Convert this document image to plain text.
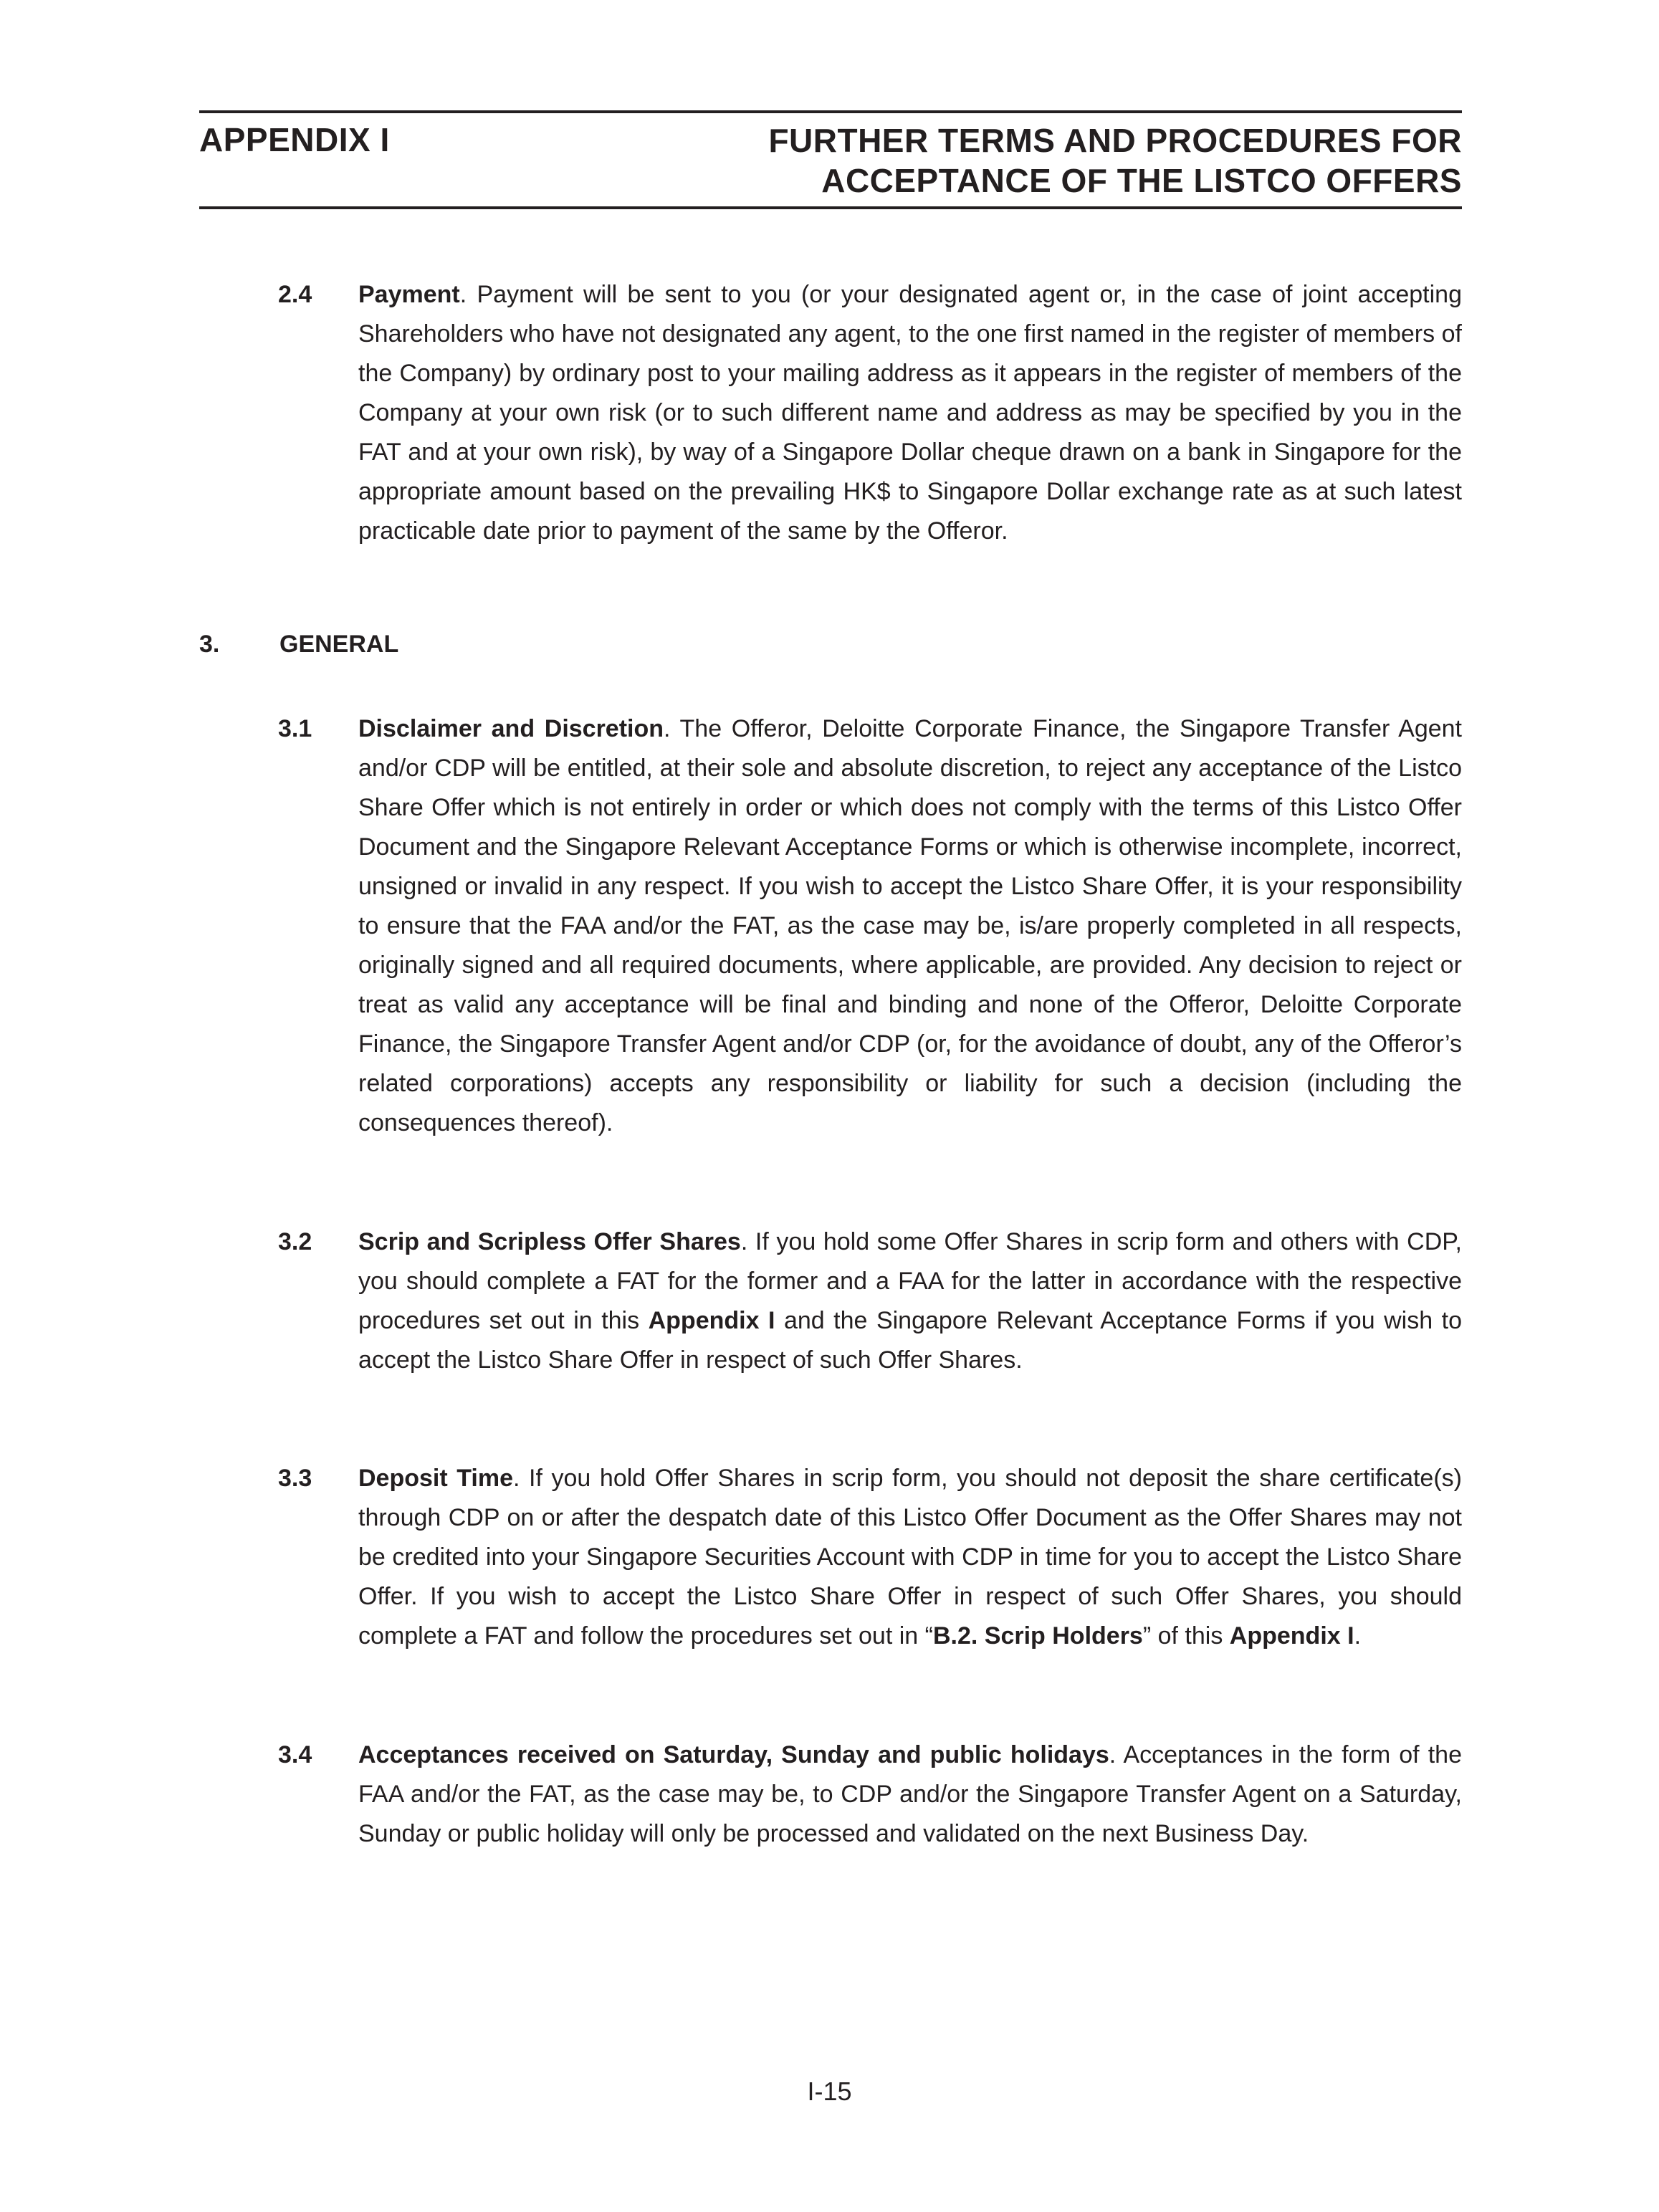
APPENDIX I	FURTHER TERMS AND PROCEDURES FOR
ACCEPTANCE OF THE LISTCO OFFERS
2.4 Payment. Payment will be sent to you (or your designated agent or, in the case of joint accepting Shareholders who have not designated any agent, to the one first named in the register of members of the Company) by ordinary post to your mailing address as it appears in the register of members of the Company at your own risk (or to such different name and address as may be specified by you in the FAT and at your own risk), by way of a Singapore Dollar cheque drawn on a bank in Singapore for the appropriate amount based on the prevailing HK$ to Singapore Dollar exchange rate as at such latest practicable date prior to payment of the same by the Offeror.
3. GENERAL
3.1 Disclaimer and Discretion. The Offeror, Deloitte Corporate Finance, the Singapore Transfer Agent and/or CDP will be entitled, at their sole and absolute discretion, to reject any acceptance of the Listco Share Offer which is not entirely in order or which does not comply with the terms of this Listco Offer Document and the Singapore Relevant Acceptance Forms or which is otherwise incomplete, incorrect, unsigned or invalid in any respect. If you wish to accept the Listco Share Offer, it is your responsibility to ensure that the FAA and/or the FAT, as the case may be, is/are properly completed in all respects, originally signed and all required documents, where applicable, are provided. Any decision to reject or treat as valid any acceptance will be final and binding and none of the Offeror, Deloitte Corporate Finance, the Singapore Transfer Agent and/or CDP (or, for the avoidance of doubt, any of the Offeror’s related corporations) accepts any responsibility or liability for such a decision (including the consequences thereof).
3.2 Scrip and Scripless Offer Shares. If you hold some Offer Shares in scrip form and others with CDP, you should complete a FAT for the former and a FAA for the latter in accordance with the respective procedures set out in this Appendix I and the Singapore Relevant Acceptance Forms if you wish to accept the Listco Share Offer in respect of such Offer Shares.
3.3 Deposit Time. If you hold Offer Shares in scrip form, you should not deposit the share certificate(s) through CDP on or after the despatch date of this Listco Offer Document as the Offer Shares may not be credited into your Singapore Securities Account with CDP in time for you to accept the Listco Share Offer. If you wish to accept the Listco Share Offer in respect of such Offer Shares, you should complete a FAT and follow the procedures set out in “B.2. Scrip Holders” of this Appendix I.
3.4 Acceptances received on Saturday, Sunday and public holidays. Acceptances in the form of the FAA and/or the FAT, as the case may be, to CDP and/or the Singapore Transfer Agent on a Saturday, Sunday or public holiday will only be processed and validated on the next Business Day.
I-15
